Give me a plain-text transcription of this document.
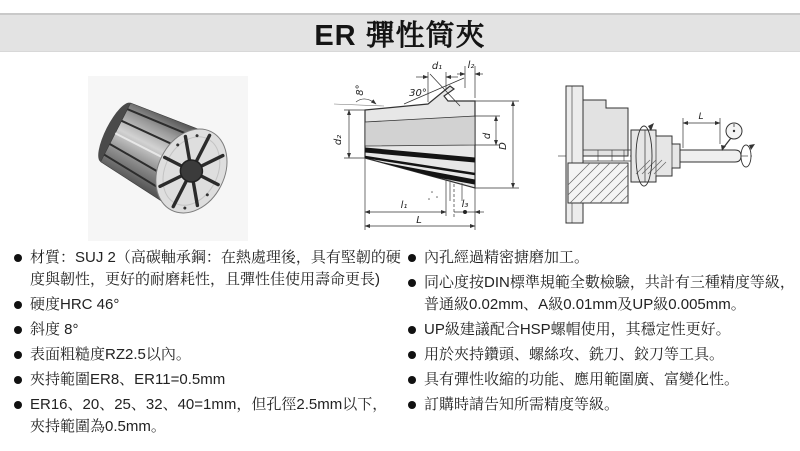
ER 彈性筒夾
d₁	l₂
30°
8°
d₂	d
D
l₁	l₃
L
L
材質：SUJ 2（高碳軸承鋼：在熱處理後，具有堅韌的硬度與韌性，更好的耐磨耗性，且彈性佳使用壽命更長)
硬度HRC 46°
斜度 8°
表面粗糙度RZ2.5以內。
夾持範圍ER8、ER11=0.5mm
ER16、20、25、32、40=1mm，但孔徑2.5mm以下，夾持範圍為0.5mm。
內孔經過精密搪磨加工。
同心度按DIN標準規範全數檢驗，共計有三種精度等級，普通級0.02mm、A級0.01mm及UP級0.005mm。
UP級建議配合HSP螺帽使用，其穩定性更好。
用於夾持鑽頭、螺絲攻、銑刀、鉸刀等工具。
具有彈性收縮的功能、應用範圍廣、富變化性。
訂購時請告知所需精度等級。
